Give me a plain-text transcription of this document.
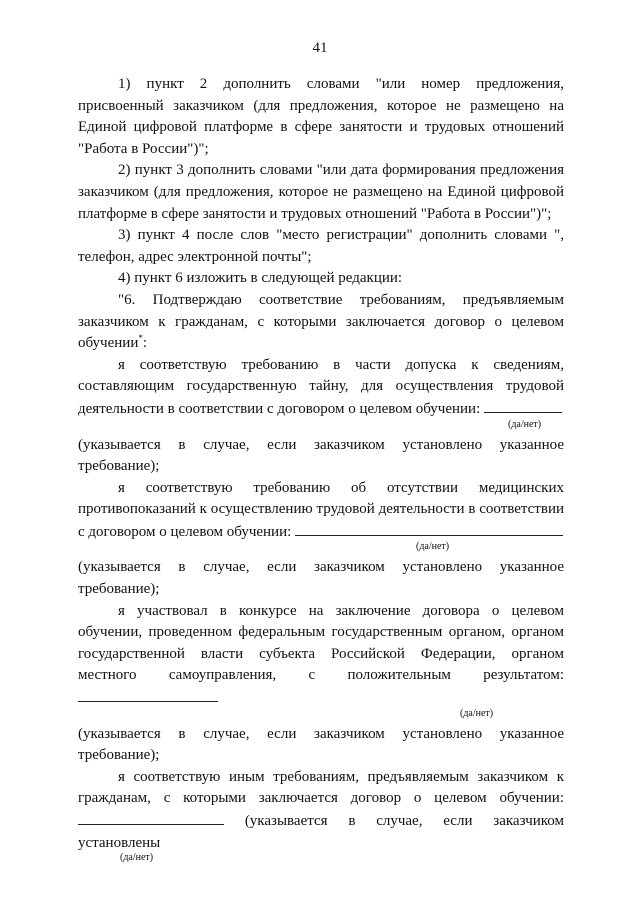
41

1) пункт 2 дополнить словами "или номер предложения, присвоенный заказчиком (для предложения, которое не размещено на Единой цифровой платформе в сфере занятости и трудовых отношений "Работа в России")";

2) пункт 3 дополнить словами "или дата формирования предложения заказчиком (для предложения, которое не размещено на Единой цифровой платформе в сфере занятости и трудовых отношений "Работа в России")";

3) пункт 4 после слов "место регистрации" дополнить словами ", телефон, адрес электронной почты";

4) пункт 6 изложить в следующей редакции:

"6. Подтверждаю соответствие требованиям, предъявляемым заказчиком к гражданам, с которыми заключается договор о целевом обучении*:

я соответствую требованию в части допуска к сведениям, составляющим государственную тайну, для осуществления трудовой деятельности в соответствии с договором о целевом обучении:

(да/нет)

(указывается в случае, если заказчиком установлено указанное требование);

я соответствую требованию об отсутствии медицинских противопоказаний к осуществлению трудовой деятельности в соответствии с договором о целевом обучении:

(да/нет)

(указывается в случае, если заказчиком установлено указанное требование);

я участвовал в конкурсе на заключение договора о целевом обучении, проведенном федеральным государственным органом, органом государственной власти субъекта Российской Федерации, органом местного самоуправления, с положительным результатом:

(да/нет)

(указывается в случае, если заказчиком установлено указанное требование);

я соответствую иным требованиям, предъявляемым заказчиком к гражданам, с которыми заключается договор о целевом обучении:  (указывается в случае, если заказчиком установлены

(да/нет)
